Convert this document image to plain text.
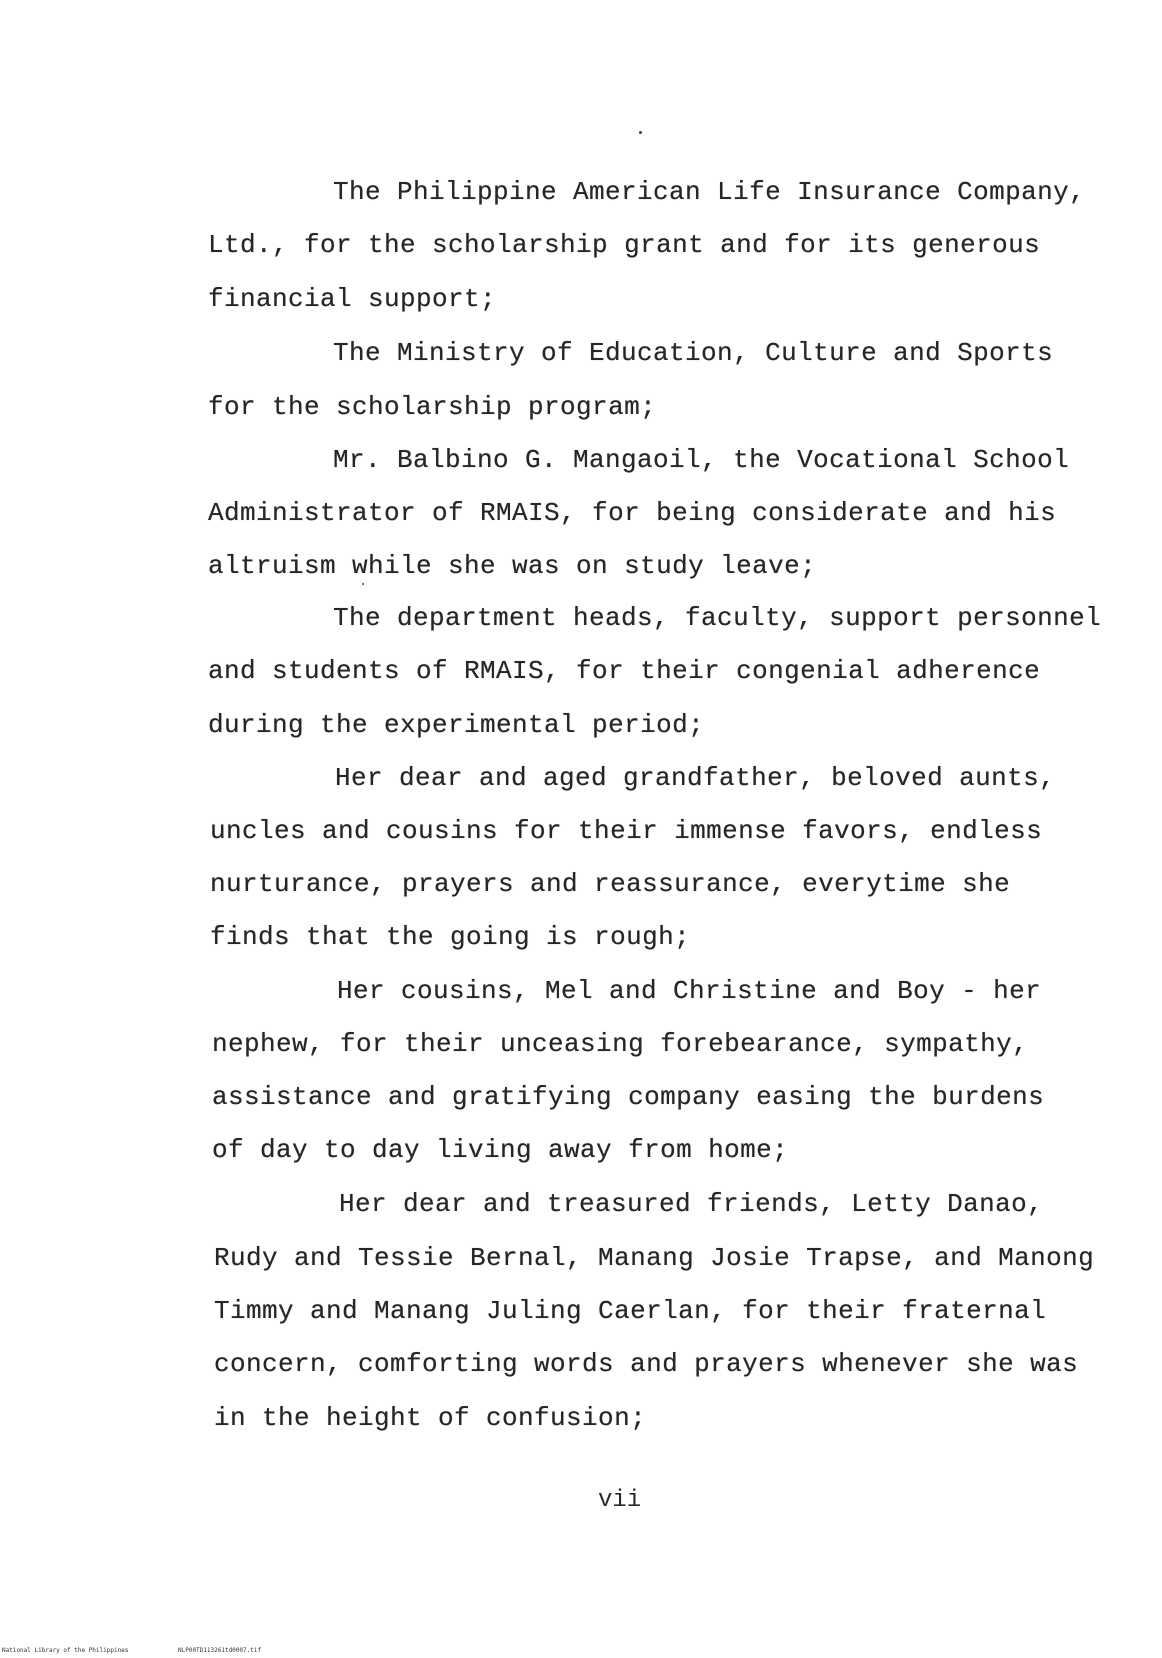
The Philippine American Life Insurance Company,
Ltd., for the scholarship grant and for its generous
financial support;
The Ministry of Education, Culture and Sports
for the scholarship program;
Mr. Balbino G. Mangaoil, the Vocational School
Administrator of RMAIS, for being considerate and his
altruism while she was on study leave;
The department heads, faculty, support personnel
and students of RMAIS, for their congenial adherence
during the experimental period;
Her dear and aged grandfather, beloved aunts,
uncles and cousins for their immense favors, endless
nurturance, prayers and reassurance, everytime she
finds that the going is rough;
Her cousins, Mel and Christine and Boy - her
nephew, for their unceasing forebearance, sympathy,
assistance and gratifying company easing the burdens
of day to day living away from home;
Her dear and treasured friends, Letty Danao,
Rudy and Tessie Bernal, Manang Josie Trapse, and Manong
Timmy and Manang Juling Caerlan, for their fraternal
concern, comforting words and prayers whenever she was
in the height of confusion;
vii
National Library of the Philippines	NLP00TD113261td0007.tif
